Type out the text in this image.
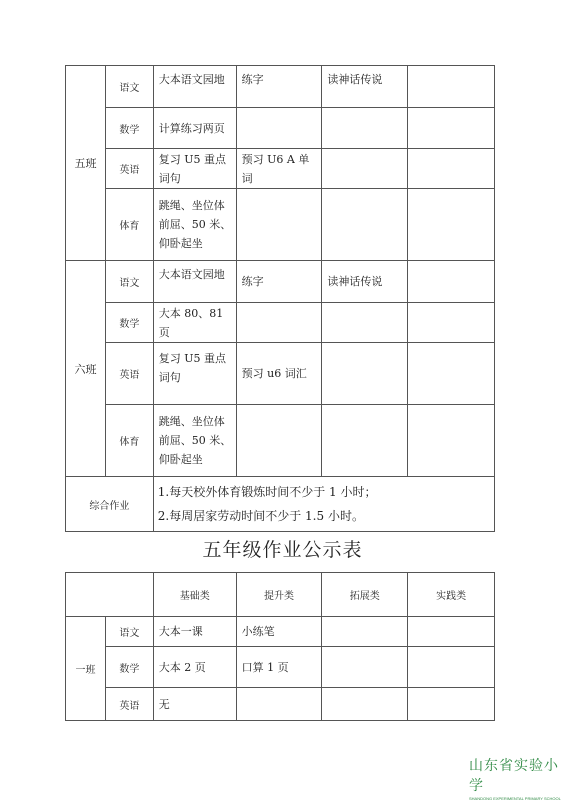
五班	语文	大本语文园地	练字	读神话传说	
	数学	计算练习两页			
	英语	复习 U5 重点词句	预习 U6 A 单词		
	体育	跳绳、坐位体前屈、50 米、仰卧起坐			
六班	语文	大本语文园地	练字	读神话传说	
	数学	大本 80、81 页			
	英语	复习 U5 重点词句	预习 u6 词汇		
	体育	跳绳、坐位体前屈、50 米、仰卧起坐			
综合作业		1.每天校外体育锻炼时间不少于 1 小时；
2.每周居家劳动时间不少于 1.5 小时。			
五年级作业公示表
		基础类	提升类	拓展类	实践类
一班	语文	大本一课	小练笔		
	数学	大本 2 页	口算 1 页		
	英语	无			
山东省实验小学
SHANDONG EXPERIMENTAL PRIMARY SCHOOL
